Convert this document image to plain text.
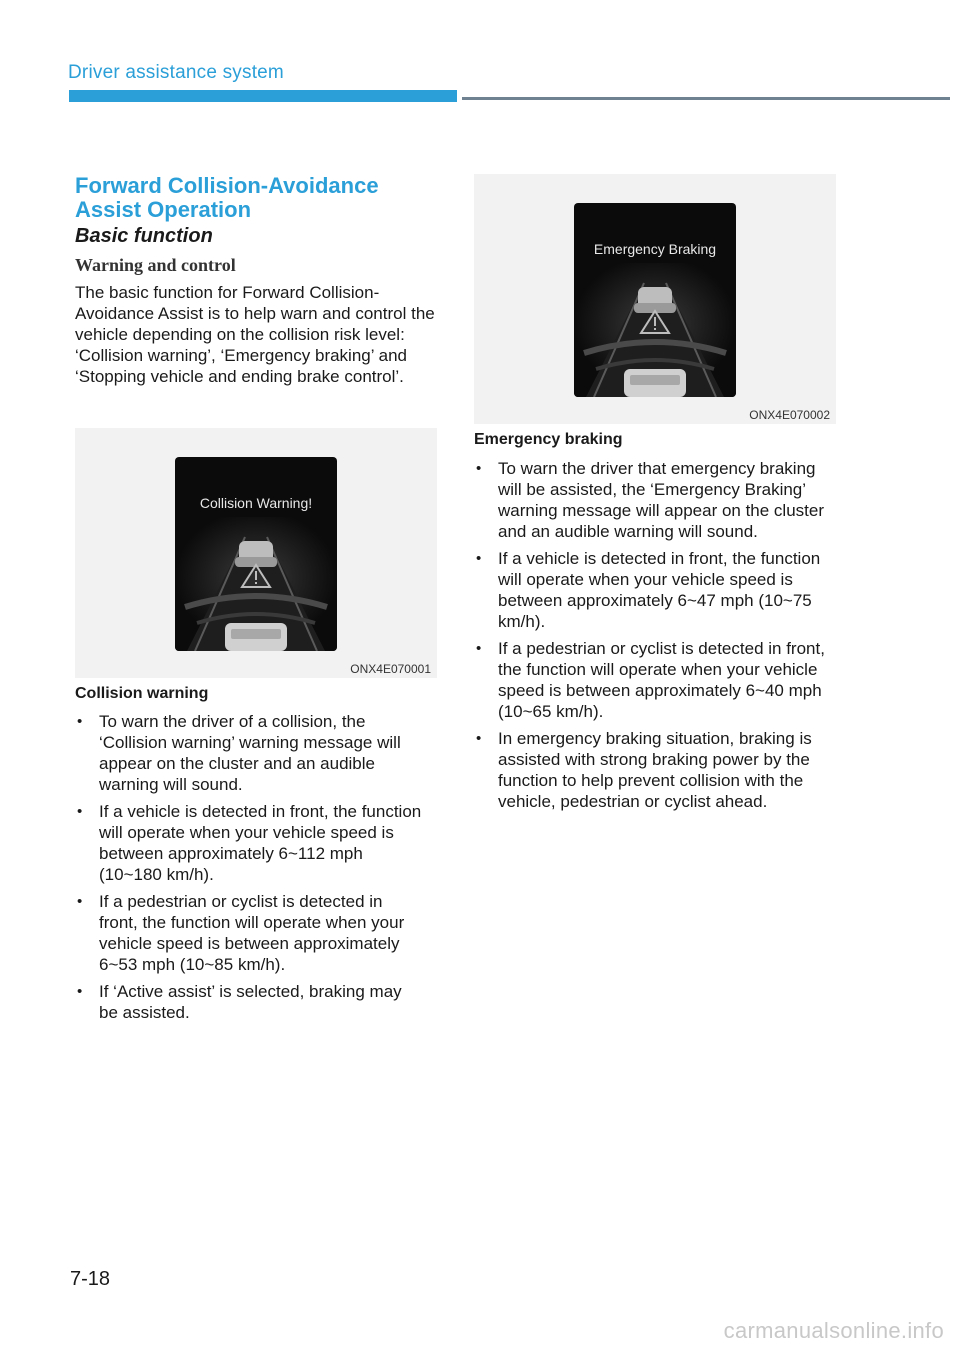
Driver assistance system
Forward Collision-Avoidance Assist Operation
Basic function
Warning and control
The basic function for Forward Collision-Avoidance Assist is to help warn and control the vehicle depending on the collision risk level: ‘Collision warning’, ‘Emergency braking’ and ‘Stopping vehicle and ending brake control’.
Collision Warning!
ONX4E070001
Collision warning
• To warn the driver of a collision, the ‘Collision warning’ warning message will appear on the cluster and an audible warning will sound.
• If a vehicle is detected in front, the function will operate when your vehicle speed is between approximately 6~112 mph (10~180 km/h).
• If a pedestrian or cyclist is detected in front, the function will operate when your vehicle speed is between approximately 6~53 mph (10~85 km/h).
• If ‘Active assist’ is selected, braking may be assisted.
Emergency Braking
ONX4E070002
Emergency braking
• To warn the driver that emergency braking will be assisted, the ‘Emergency Braking’ warning message will appear on the cluster and an audible warning will sound.
• If a vehicle is detected in front, the function will operate when your vehicle speed is between approximately 6~47 mph (10~75 km/h).
• If a pedestrian or cyclist is detected in front, the function will operate when your vehicle speed is between approximately 6~40 mph (10~65 km/h).
• In emergency braking situation, braking is assisted with strong braking power by the function to help prevent collision with the vehicle, pedestrian or cyclist ahead.
7-18
carmanualsonline.info
